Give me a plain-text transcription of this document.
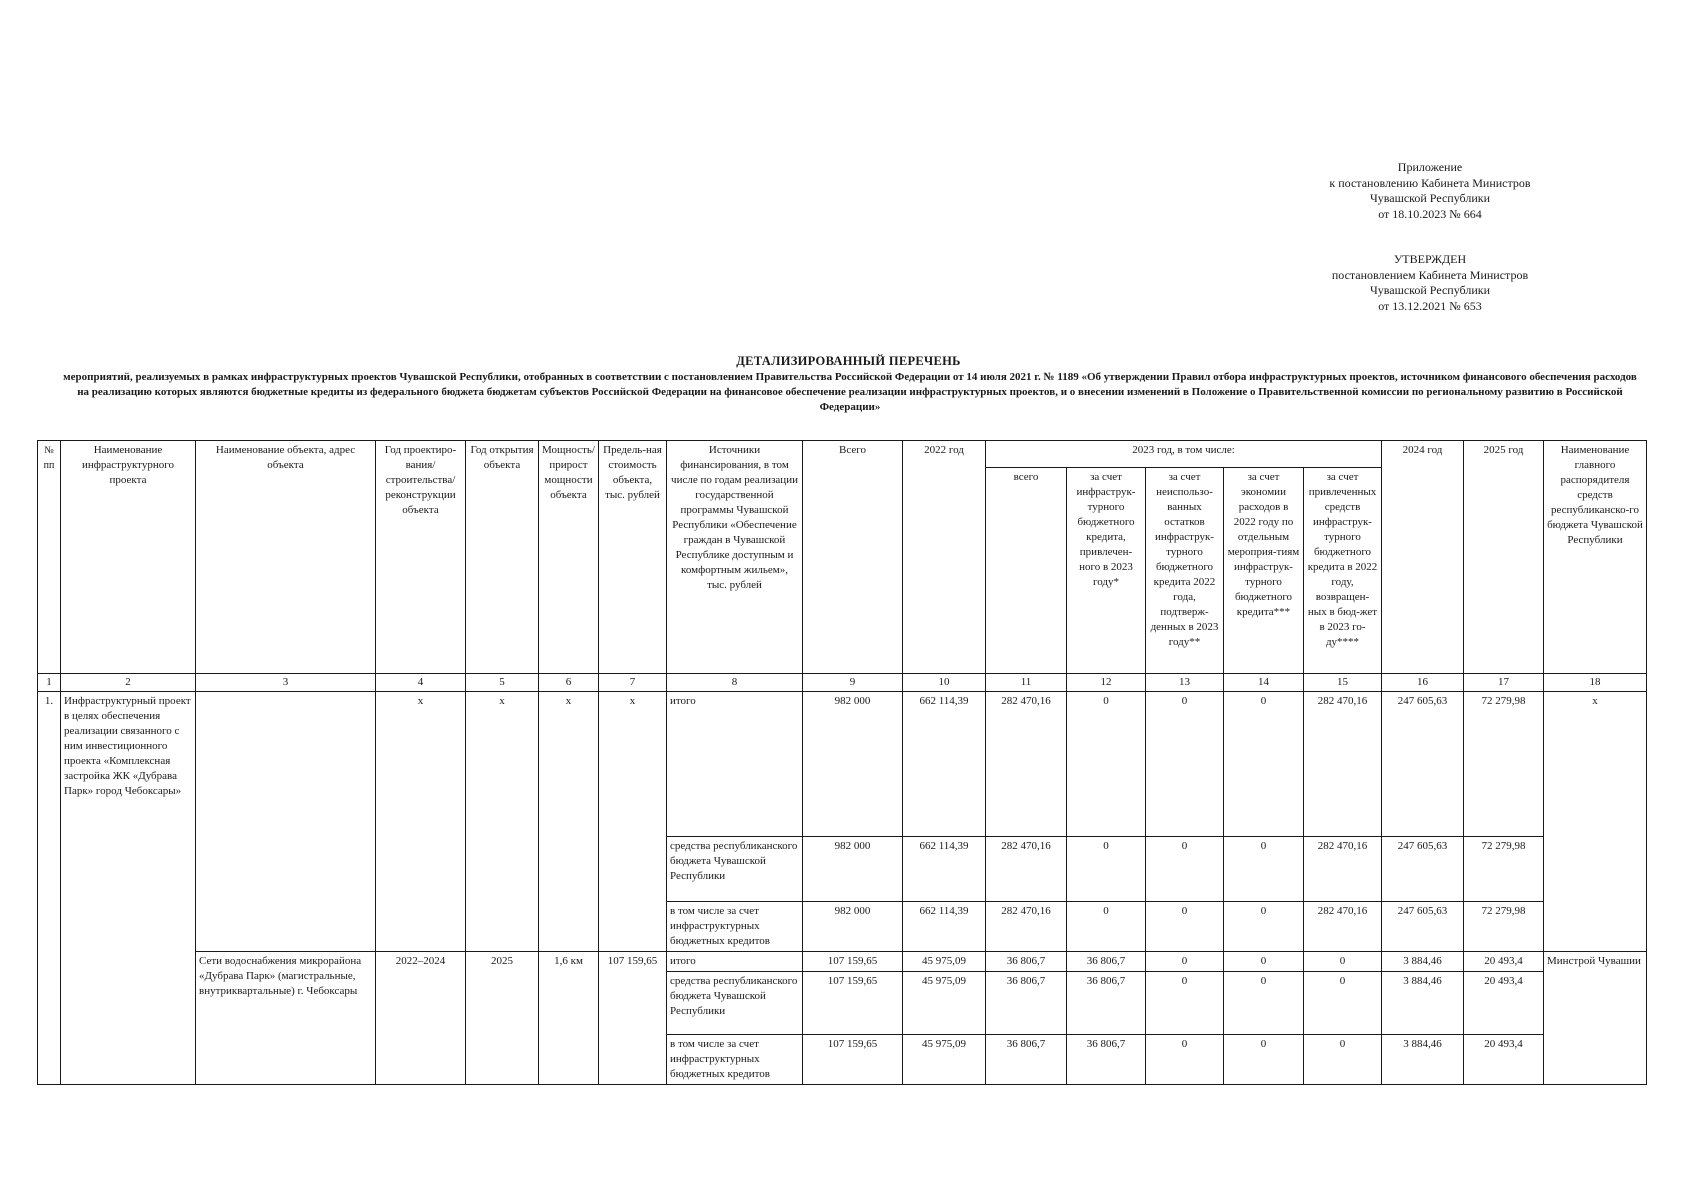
Приложение
к постановлению Кабинета Министров
Чувашской Республики
от 18.10.2023 № 664
УТВЕРЖДЕН
постановлением Кабинета Министров
Чувашской Республики
от 13.12.2021 № 653
ДЕТАЛИЗИРОВАННЫЙ ПЕРЕЧЕНЬ
мероприятий, реализуемых в рамках инфраструктурных проектов Чувашской Республики, отобранных в соответствии с постановлением Правительства Российской Федерации от 14 июля 2021 г. № 1189 «Об утверждении Правил отбора инфраструктурных проектов, источником финансового обеспечения расходов на реализацию которых являются бюджетные кредиты из федерального бюджета бюджетам субъектов Российской Федерации на финансовое обеспечение реализации инфраструктурных проектов, и о внесении изменений в Положение о Правительственной комиссии по региональному развитию в Российской Федерации»
№ пп	Наименование инфраструктурного проекта	Наименование объекта, адрес объекта	Год проектиро-вания/ строительства/ реконструкции объекта	Год открытия объекта	Мощность/ прирост мощности объекта	Предель-ная стоимость объекта, тыс. рублей	Источники финансирования, в том числе по годам реализации государственной программы Чувашской Республики «Обеспечение граждан в Чувашской Республике доступным и комфортным жильем», тыс. рублей	Всего	2022 год	2023 год, в том числе:					2024 год	2025 год	Наименование главного распорядителя средств республиканско-го бюджета Чувашской Республики
										всего	за счет инфраструк-турного бюджетного кредита, привлечен-ного в 2023 году*	за счет неиспользо-ванных остатков инфраструк-турного бюджетного кредита 2022 года, подтверж-денных в 2023 году**	за счет экономии расходов в 2022 году по отдельным мероприя-тиям инфраструк-турного бюджетного кредита***	за счет привлеченных средств инфраструк-турного бюджетного кредита в 2022 году, возвращен-ных в бюд-жет в 2023 го-ду****			
1	2	3	4	5	6	7	8	9	10	11	12	13	14	15	16	17	18
1.	Инфраструктурный проект в целях обеспечения реализации связанного с ним инвестиционного проекта «Комплексная застройка ЖК «Дубрава Парк» город Чебоксары»		х	х	х	х	итого	982 000	662 114,39	282 470,16	0	0	0	282 470,16	247 605,63	72 279,98	х
							средства республиканского бюджета Чувашской Республики	982 000	662 114,39	282 470,16	0	0	0	282 470,16	247 605,63	72 279,98	
							в том числе за счет инфраструктурных бюджетных кредитов	982 000	662 114,39	282 470,16	0	0	0	282 470,16	247 605,63	72 279,98	
		Сети водоснабжения микрорайона «Дубрава Парк» (магистральные, внутриквартальные) г. Чебоксары	2022–2024	2025	1,6 км	107 159,65	итого	107 159,65	45 975,09	36 806,7	36 806,7	0	0	0	3 884,46	20 493,4	Минстрой Чувашии
							средства республиканского бюджета Чувашской Республики	107 159,65	45 975,09	36 806,7	36 806,7	0	0	0	3 884,46	20 493,4	
							в том числе за счет инфраструктурных бюджетных кредитов	107 159,65	45 975,09	36 806,7	36 806,7	0	0	0	3 884,46	20 493,4	
